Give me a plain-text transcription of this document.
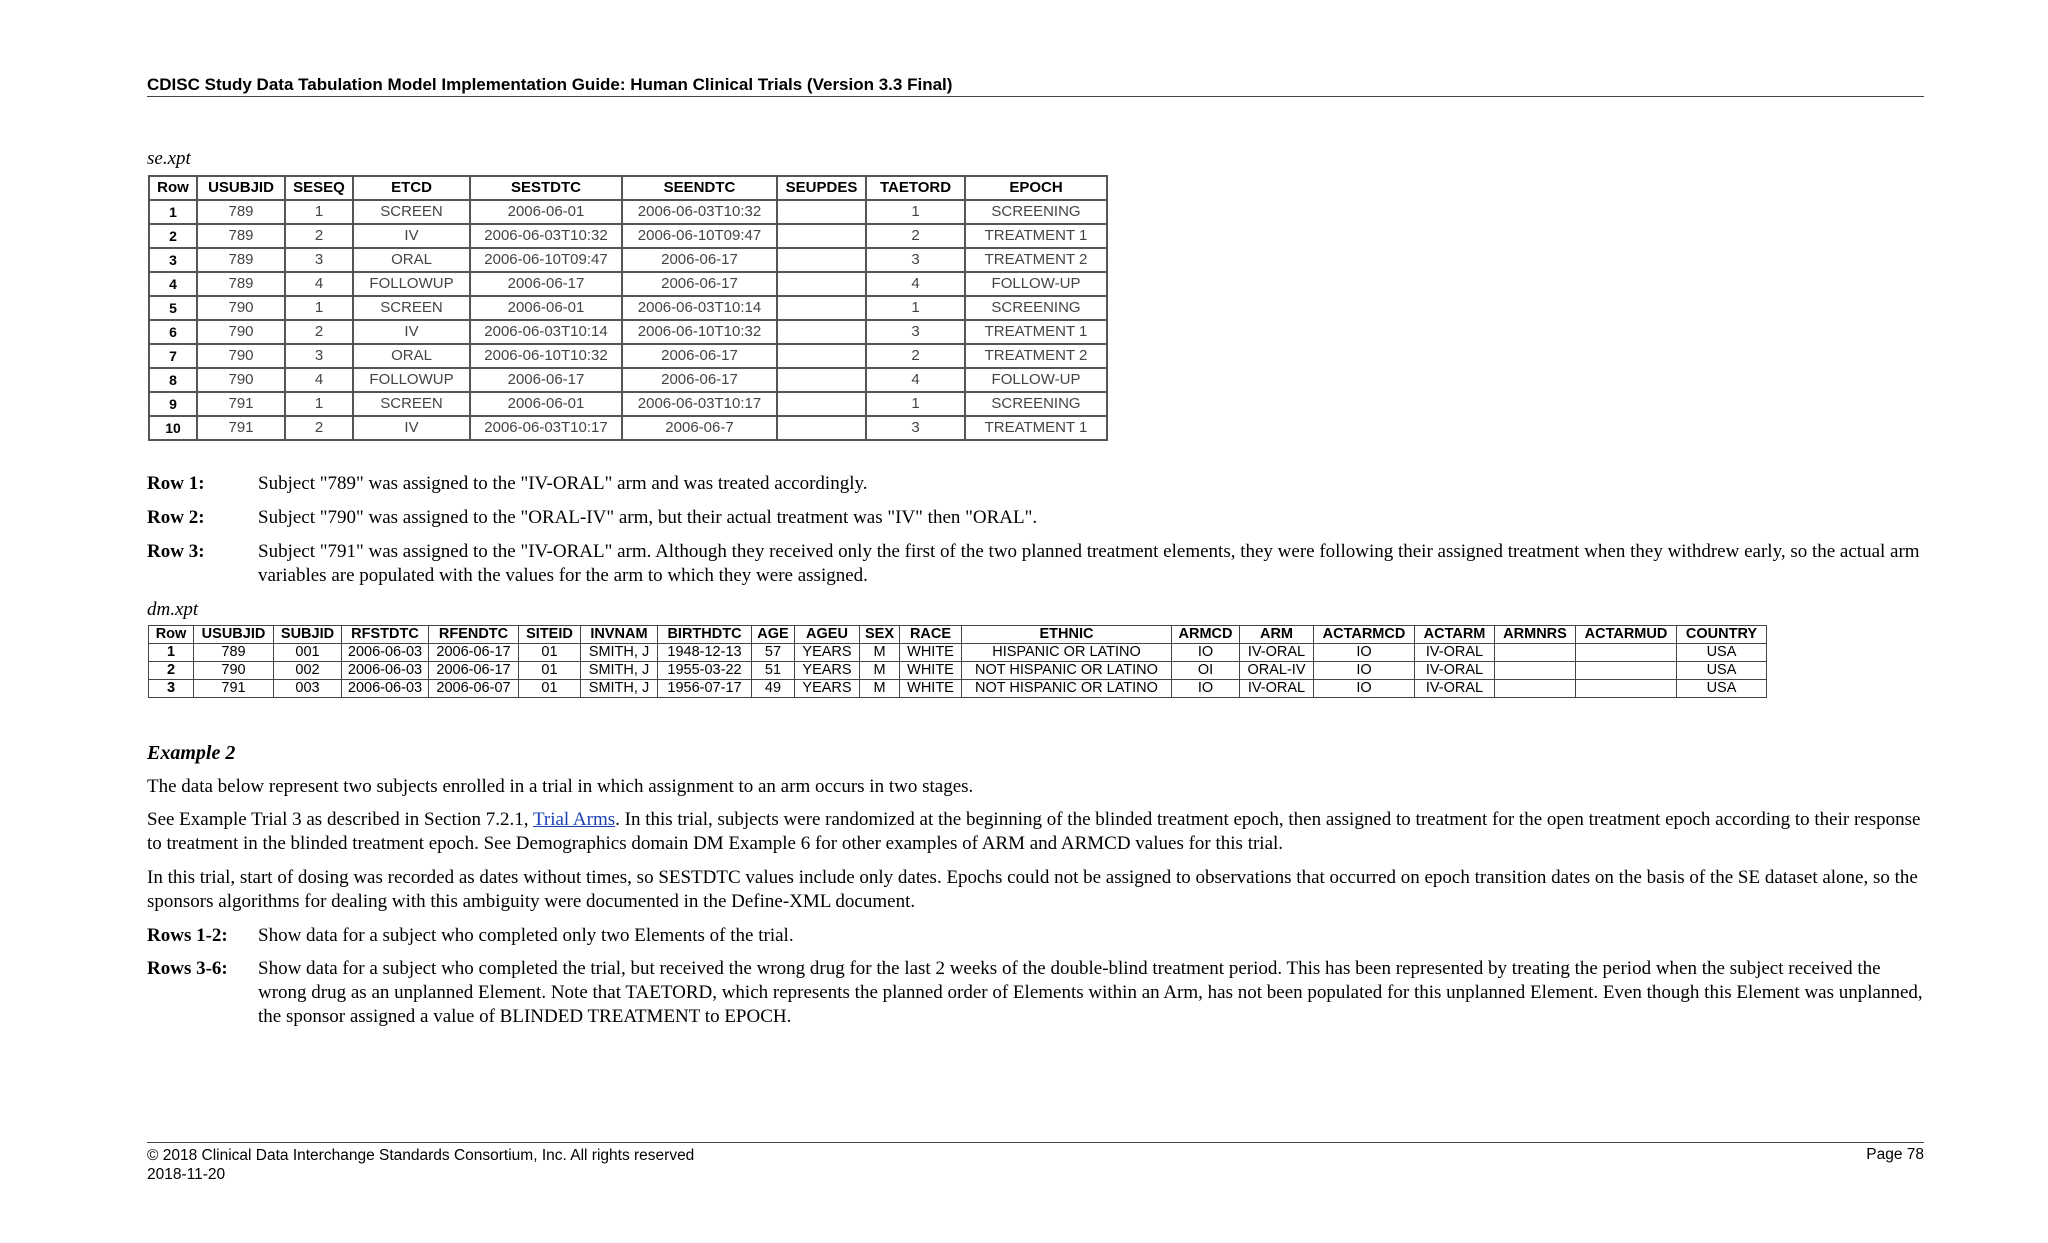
CDISC Study Data Tabulation Model Implementation Guide: Human Clinical Trials (Version 3.3 Final)
se.xpt
Row	USUBJID	SESEQ	ETCD	SESTDTC	SEENDTC	SEUPDES	TAETORD	EPOCH
1	789	1	SCREEN	2006-06-01	2006-06-03T10:32		1	SCREENING
2	789	2	IV	2006-06-03T10:32	2006-06-10T09:47		2	TREATMENT 1
3	789	3	ORAL	2006-06-10T09:47	2006-06-17		3	TREATMENT 2
4	789	4	FOLLOWUP	2006-06-17	2006-06-17		4	FOLLOW-UP
5	790	1	SCREEN	2006-06-01	2006-06-03T10:14		1	SCREENING
6	790	2	IV	2006-06-03T10:14	2006-06-10T10:32		3	TREATMENT 1
7	790	3	ORAL	2006-06-10T10:32	2006-06-17		2	TREATMENT 2
8	790	4	FOLLOWUP	2006-06-17	2006-06-17		4	FOLLOW-UP
9	791	1	SCREEN	2006-06-01	2006-06-03T10:17		1	SCREENING
10	791	2	IV	2006-06-03T10:17	2006-06-7		3	TREATMENT 1
Row 1:	Subject "789" was assigned to the "IV-ORAL" arm and was treated accordingly.
Row 2:	Subject "790" was assigned to the "ORAL-IV" arm, but their actual treatment was "IV" then "ORAL".
Row 3:	Subject "791" was assigned to the "IV-ORAL" arm. Although they received only the first of the two planned treatment elements, they were following their assigned treatment when they withdrew early, so the actual arm variables are populated with the values for the arm to which they were assigned.
dm.xpt
Row	USUBJID	SUBJID	RFSTDTC	RFENDTC	SITEID	INVNAM	BIRTHDTC	AGE	AGEU	SEX	RACE	ETHNIC	ARMCD	ARM	ACTARMCD	ACTARM	ARMNRS	ACTARMUD	COUNTRY
1	789	001	2006-06-03	2006-06-17	01	SMITH, J	1948-12-13	57	YEARS	M	WHITE	HISPANIC OR LATINO	IO	IV-ORAL	IO	IV-ORAL			USA
2	790	002	2006-06-03	2006-06-17	01	SMITH, J	1955-03-22	51	YEARS	M	WHITE	NOT HISPANIC OR LATINO	OI	ORAL-IV	IO	IV-ORAL			USA
3	791	003	2006-06-03	2006-06-07	01	SMITH, J	1956-07-17	49	YEARS	M	WHITE	NOT HISPANIC OR LATINO	IO	IV-ORAL	IO	IV-ORAL			USA
Example 2
The data below represent two subjects enrolled in a trial in which assignment to an arm occurs in two stages.
See Example Trial 3 as described in Section 7.2.1, Trial Arms. In this trial, subjects were randomized at the beginning of the blinded treatment epoch, then assigned to treatment for the open treatment epoch according to their response to treatment in the blinded treatment epoch. See Demographics domain DM Example 6 for other examples of ARM and ARMCD values for this trial.
In this trial, start of dosing was recorded as dates without times, so SESTDTC values include only dates. Epochs could not be assigned to observations that occurred on epoch transition dates on the basis of the SE dataset alone, so the sponsors algorithms for dealing with this ambiguity were documented in the Define-XML document.
Rows 1-2: Show data for a subject who completed only two Elements of the trial.
Rows 3-6: Show data for a subject who completed the trial, but received the wrong drug for the last 2 weeks of the double-blind treatment period. This has been represented by treating the period when the subject received the wrong drug as an unplanned Element. Note that TAETORD, which represents the planned order of Elements within an Arm, has not been populated for this unplanned Element. Even though this Element was unplanned, the sponsor assigned a value of BLINDED TREATMENT to EPOCH.
© 2018 Clinical Data Interchange Standards Consortium, Inc. All rights reserved
2018-11-20
Page 78
